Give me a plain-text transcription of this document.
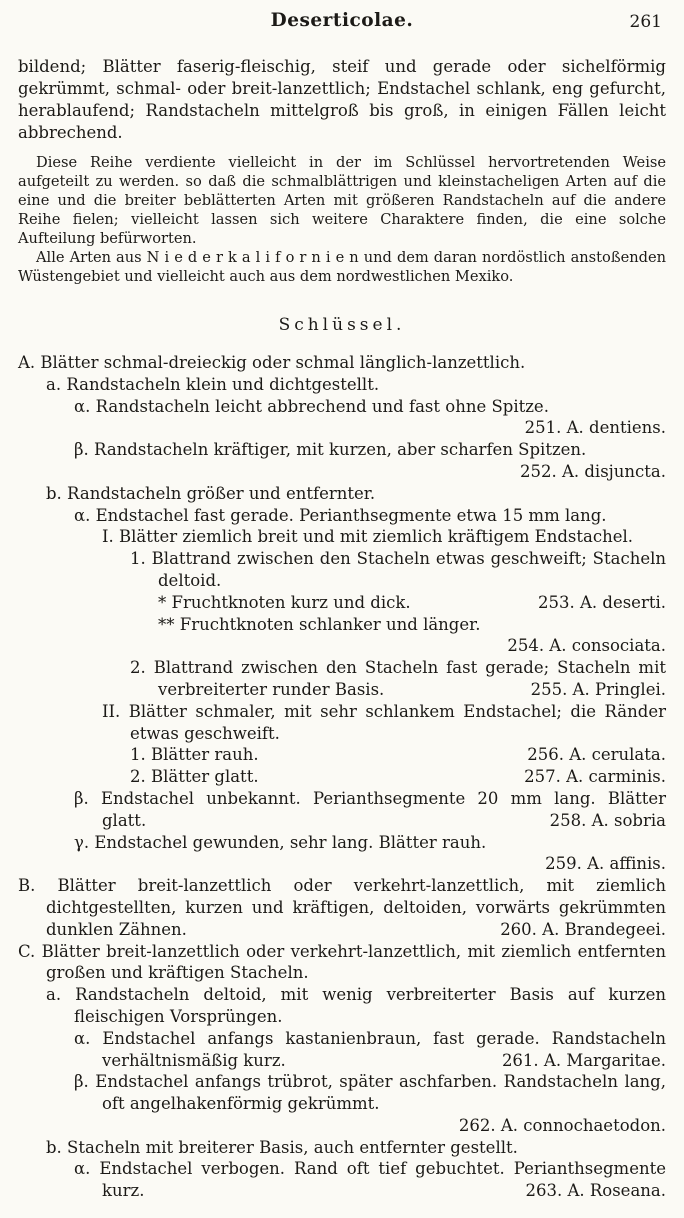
Deserticolae.	261

bildend; Blätter faserig-fleischig, steif und gerade oder sichelförmig gekrümmt, schmal- oder breit-lanzettlich; Endstachel schlank, eng gefurcht, herablaufend; Randstacheln mittelgroß bis groß, in einigen Fällen leicht abbrechend.

Diese Reihe verdiente vielleicht in der im Schlüssel hervortretenden Weise aufgeteilt zu werden. so daß die schmalblättrigen und kleinstacheligen Arten auf die eine und die breiter beblätterten Arten mit größeren Randstacheln auf die andere Reihe fielen; vielleicht lassen sich weitere Charaktere finden, die eine solche Aufteilung befürworten.

Alle Arten aus N i e d e r k a l i f o r n i e n und dem daran nordöstlich anstoßenden Wüstengebiet und vielleicht auch aus dem nordwestlichen Mexiko.

Schlüssel.
A. Blätter schmal-dreieckig oder schmal länglich-lanzettlich.
a. Randstacheln klein und dichtgestellt.
α. Randstacheln leicht abbrechend und fast ohne Spitze.
251. A. dentiens.
β. Randstacheln kräftiger, mit kurzen, aber scharfen Spitzen.
252. A. disjuncta.
b. Randstacheln größer und entfernter.
α. Endstachel fast gerade. Perianthsegmente etwa 15 mm lang.
I. Blätter ziemlich breit und mit ziemlich kräftigem Endstachel.
1. Blattrand zwischen den Stacheln etwas geschweift; Stacheln deltoid.
* Fruchtknoten kurz und dick.	253. A. deserti.
** Fruchtknoten schlanker und länger.
254. A. consociata.
2. Blattrand zwischen den Stacheln fast gerade; Stacheln mit verbreiterter runder Basis.	255. A. Pringlei.
II. Blätter schmaler, mit sehr schlankem Endstachel; die Ränder etwas geschweift.
1. Blätter rauh.	256. A. cerulata.
2. Blätter glatt.	257. A. carminis.
β. Endstachel unbekannt. Perianthsegmente 20 mm lang. Blätter glatt.	258. A. sobria
γ. Endstachel gewunden, sehr lang. Blätter rauh.
259. A. affinis.
B. Blätter breit-lanzettlich oder verkehrt-lanzettlich, mit ziemlich dichtgestellten, kurzen und kräftigen, deltoiden, vorwärts gekrümmten dunklen Zähnen.	260. A. Brandegeei.
C. Blätter breit-lanzettlich oder verkehrt-lanzettlich, mit ziemlich entfernten großen und kräftigen Stacheln.
a. Randstacheln deltoid, mit wenig verbreiterter Basis auf kurzen fleischigen Vorsprüngen.
α. Endstachel anfangs kastanienbraun, fast gerade. Randstacheln verhältnismäßig kurz.	261. A. Margaritae.
β. Endstachel anfangs trübrot, später aschfarben. Randstacheln lang, oft angelhakenförmig gekrümmt.
262. A. connochaetodon.
b. Stacheln mit breiterer Basis, auch entfernter gestellt.
α. Endstachel verbogen. Rand oft tief gebuchtet. Perianthsegmente kurz.	263. A. Roseana.
